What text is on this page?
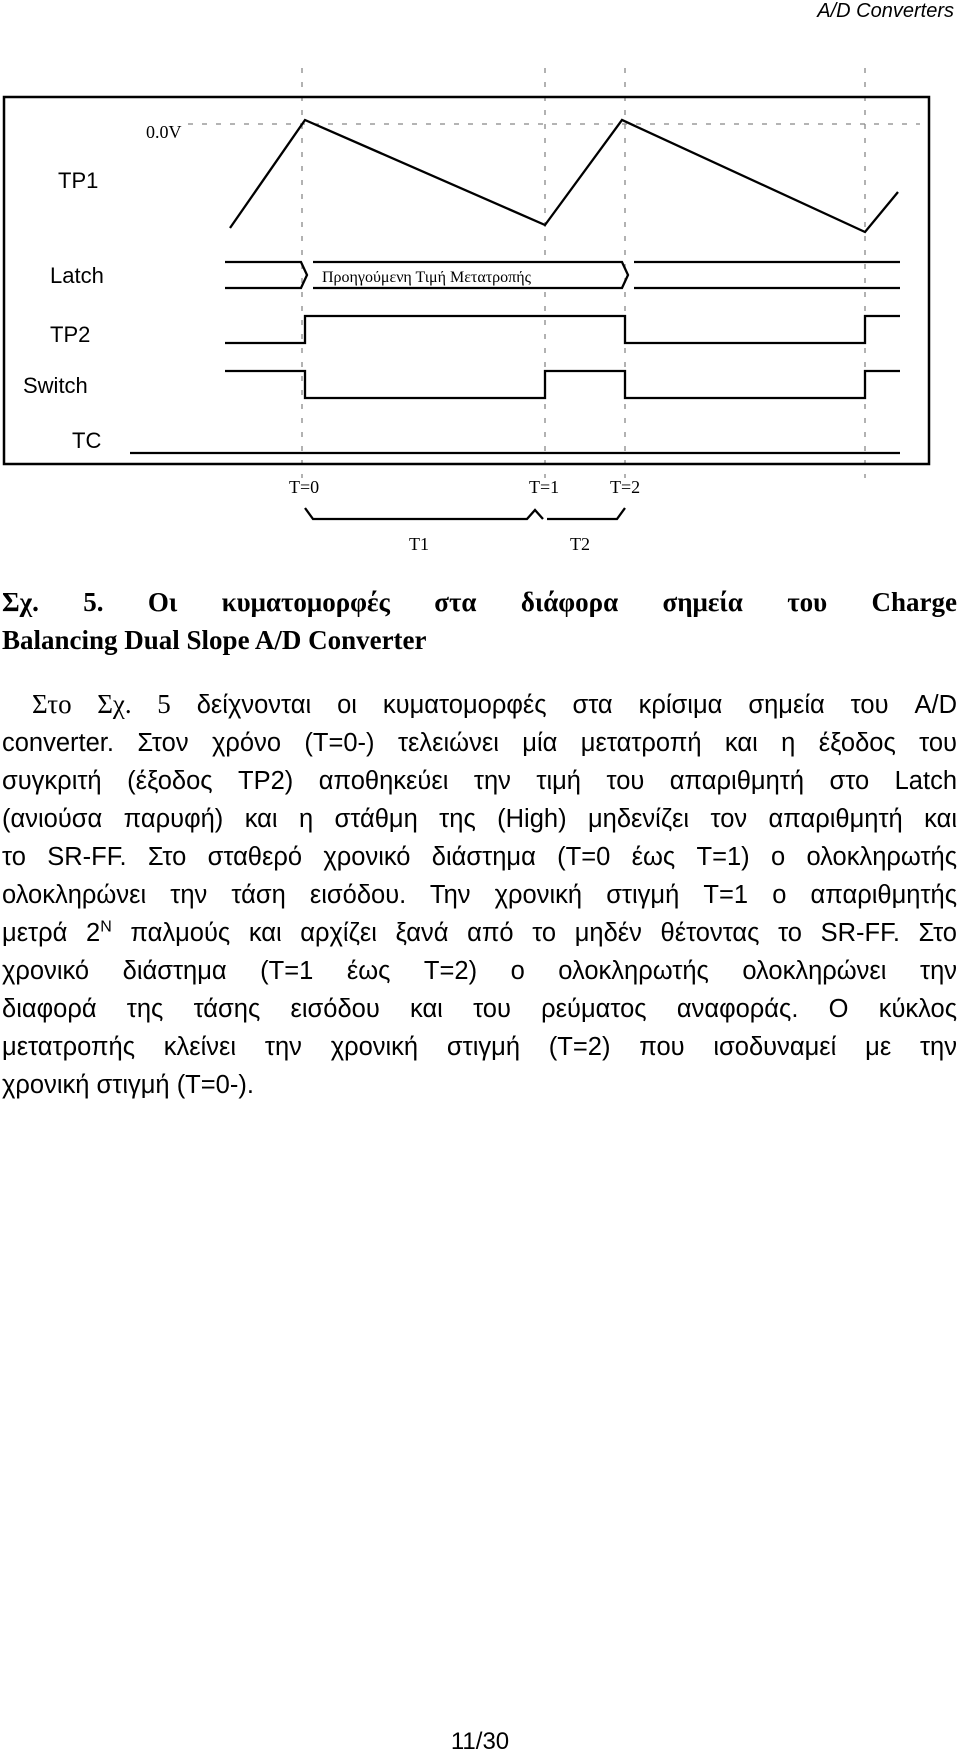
A/D Converters
TP1
Latch
TP2
Switch
TC
0.0V
Προηγούμενη Τιμή Μετατροπής
T=0	T=1	T=2
T1	T2
Σχ. 5. Οι κυματομορφές στα διάφορα σημεία του Charge
Balancing Dual Slope A/D Converter
Στο Σχ. 5 δείχνονται οι κυματομορφές στα κρίσιμα σημεία του A/D
converter. Στον χρόνο (T=0-) τελειώνει μία μετατροπή και η έξοδος του
συγκριτή (έξοδος TP2) αποθηκεύει την τιμή του απαριθμητή στο Latch
(ανιούσα παρυφή) και η στάθμη της (High) μηδενίζει τον απαριθμητή και
το SR-FF. Στο σταθερό χρονικό διάστημα (T=0 έως T=1) ο ολοκληρωτής
ολοκληρώνει την τάση εισόδου. Την χρονική στιγμή T=1 ο απαριθμητής
μετρά $2^N$ παλμούς και αρχίζει ξανά από το μηδέν θέτοντας το SR-FF. Στο
χρονικό διάστημα (T=1 έως T=2) ο ολοκληρωτής ολοκληρώνει την
διαφορά της τάσης εισόδου και του ρεύματος αναφοράς. Ο κύκλος
μετατροπής κλείνει την χρονική στιγμή (T=2) που ισοδυναμεί με την
χρονική στιγμή (T=0-).
11/30
